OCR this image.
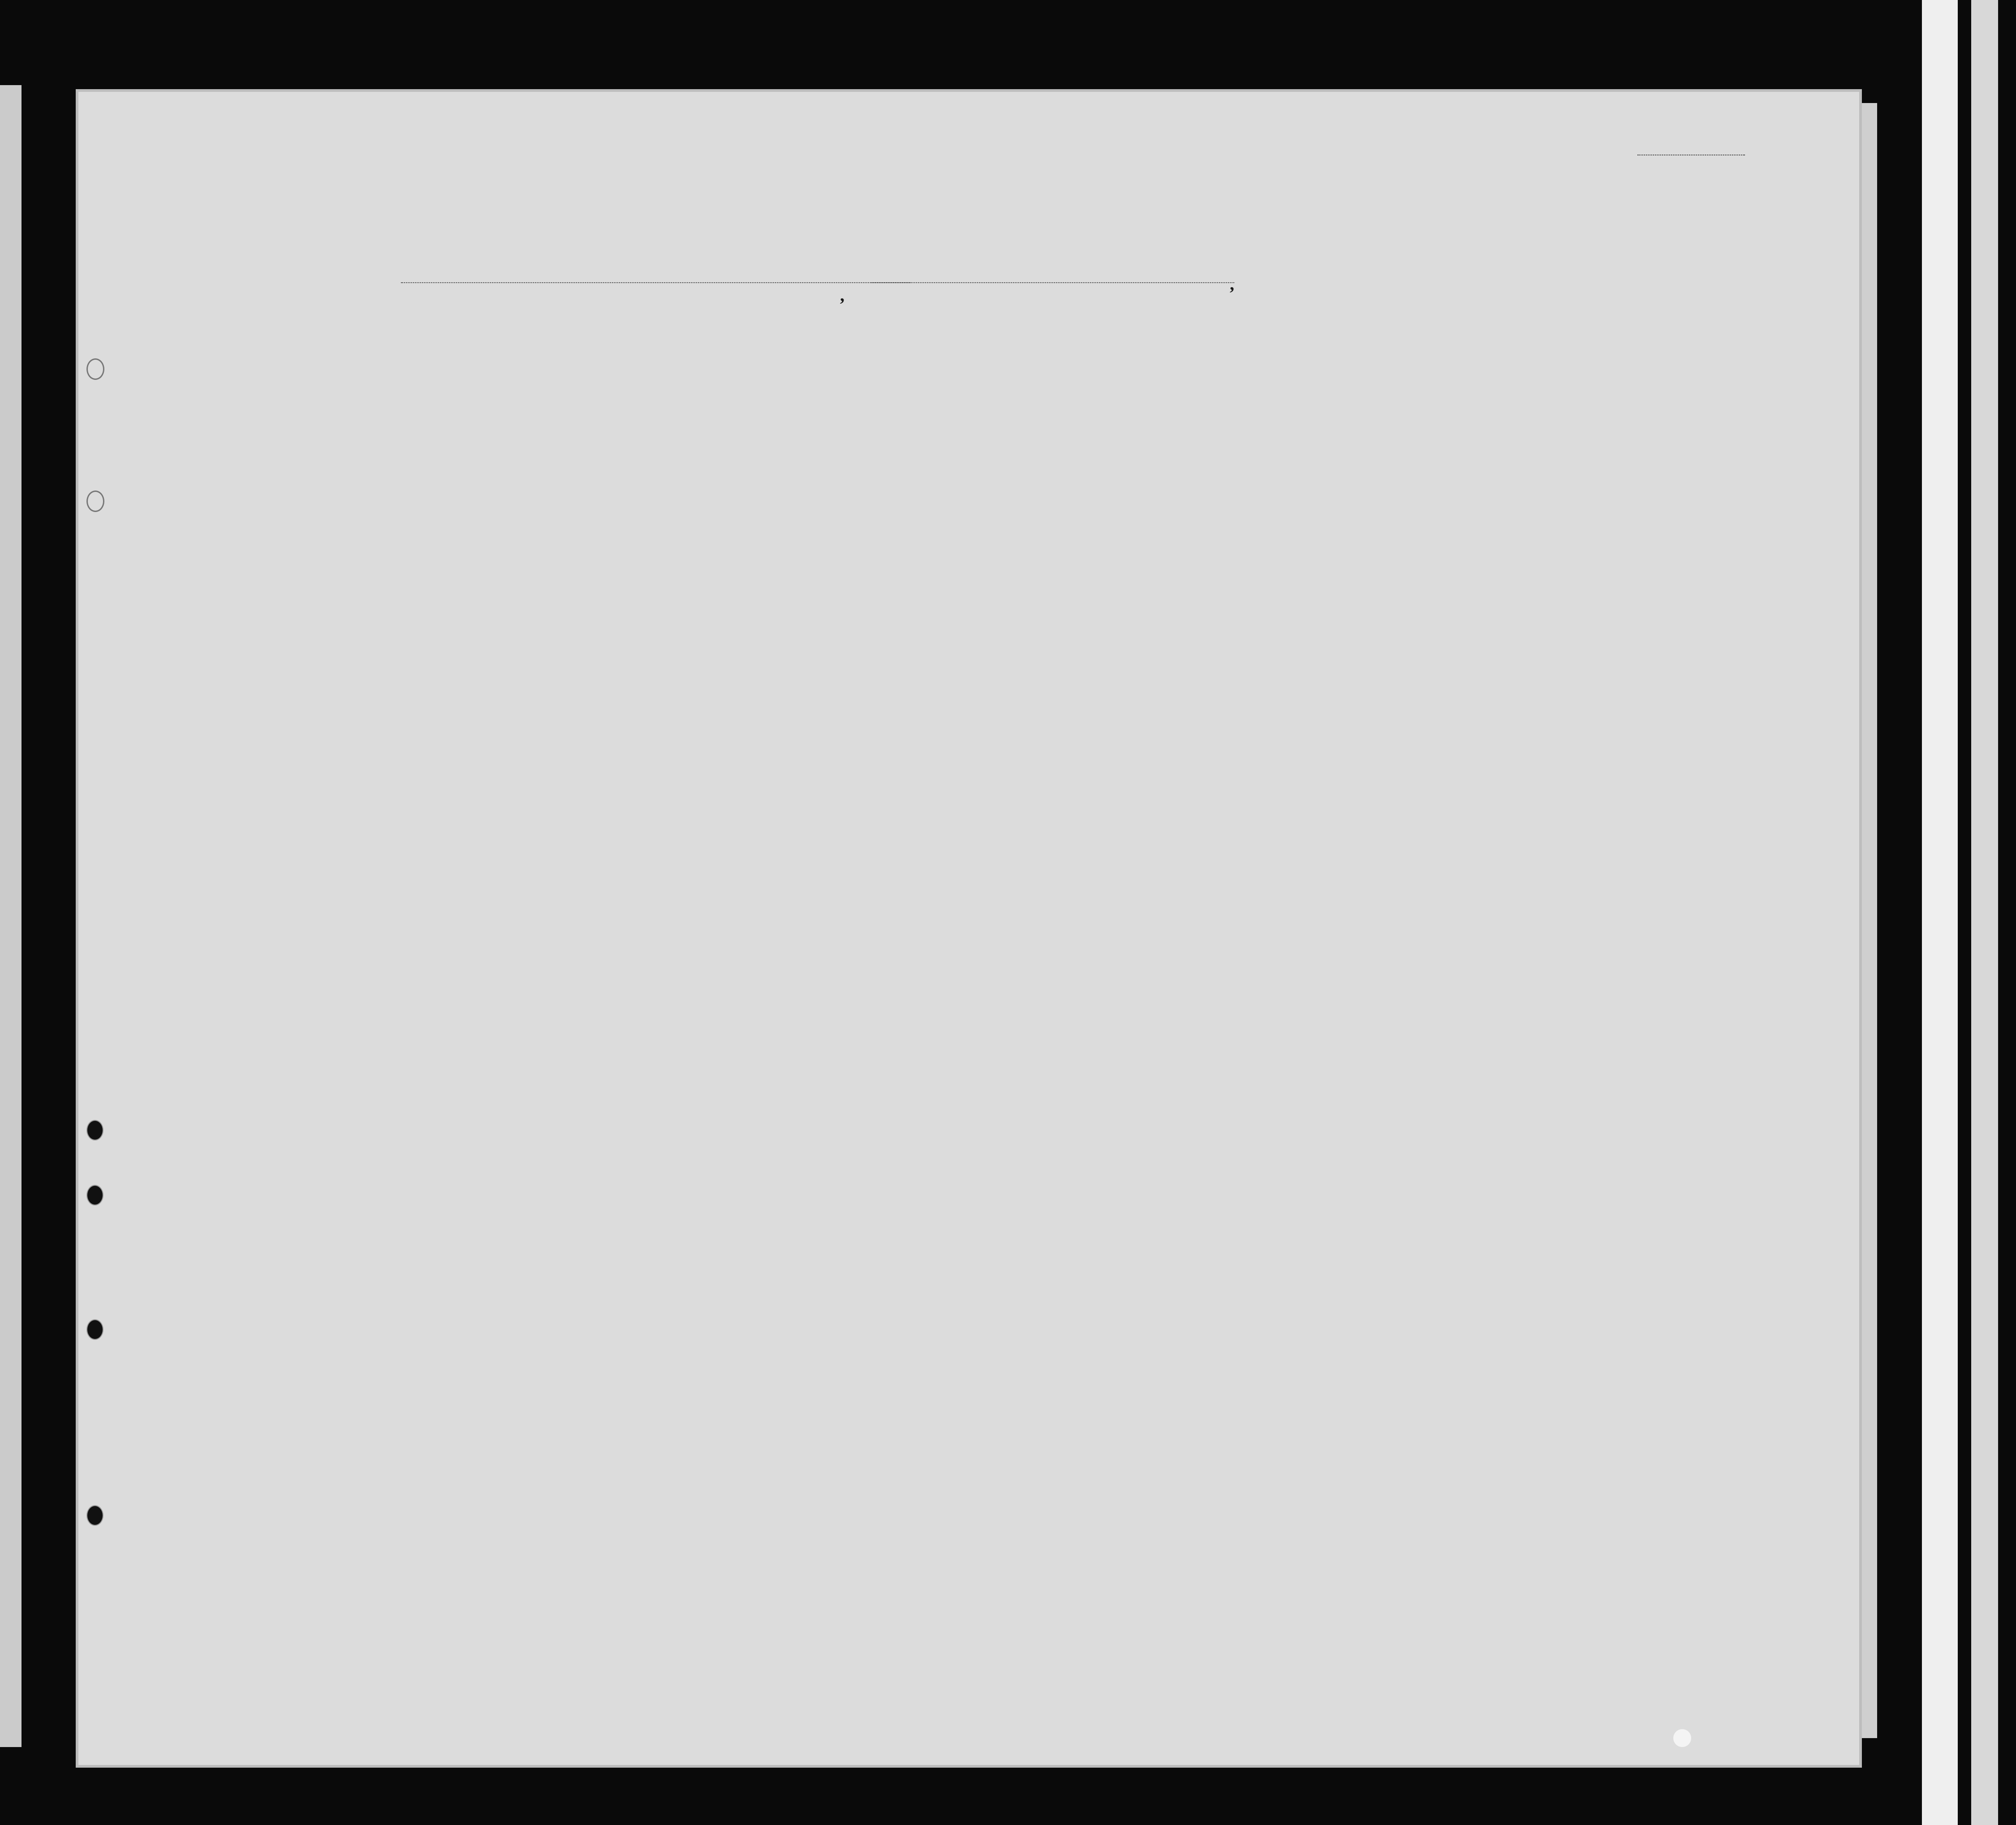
,
,
